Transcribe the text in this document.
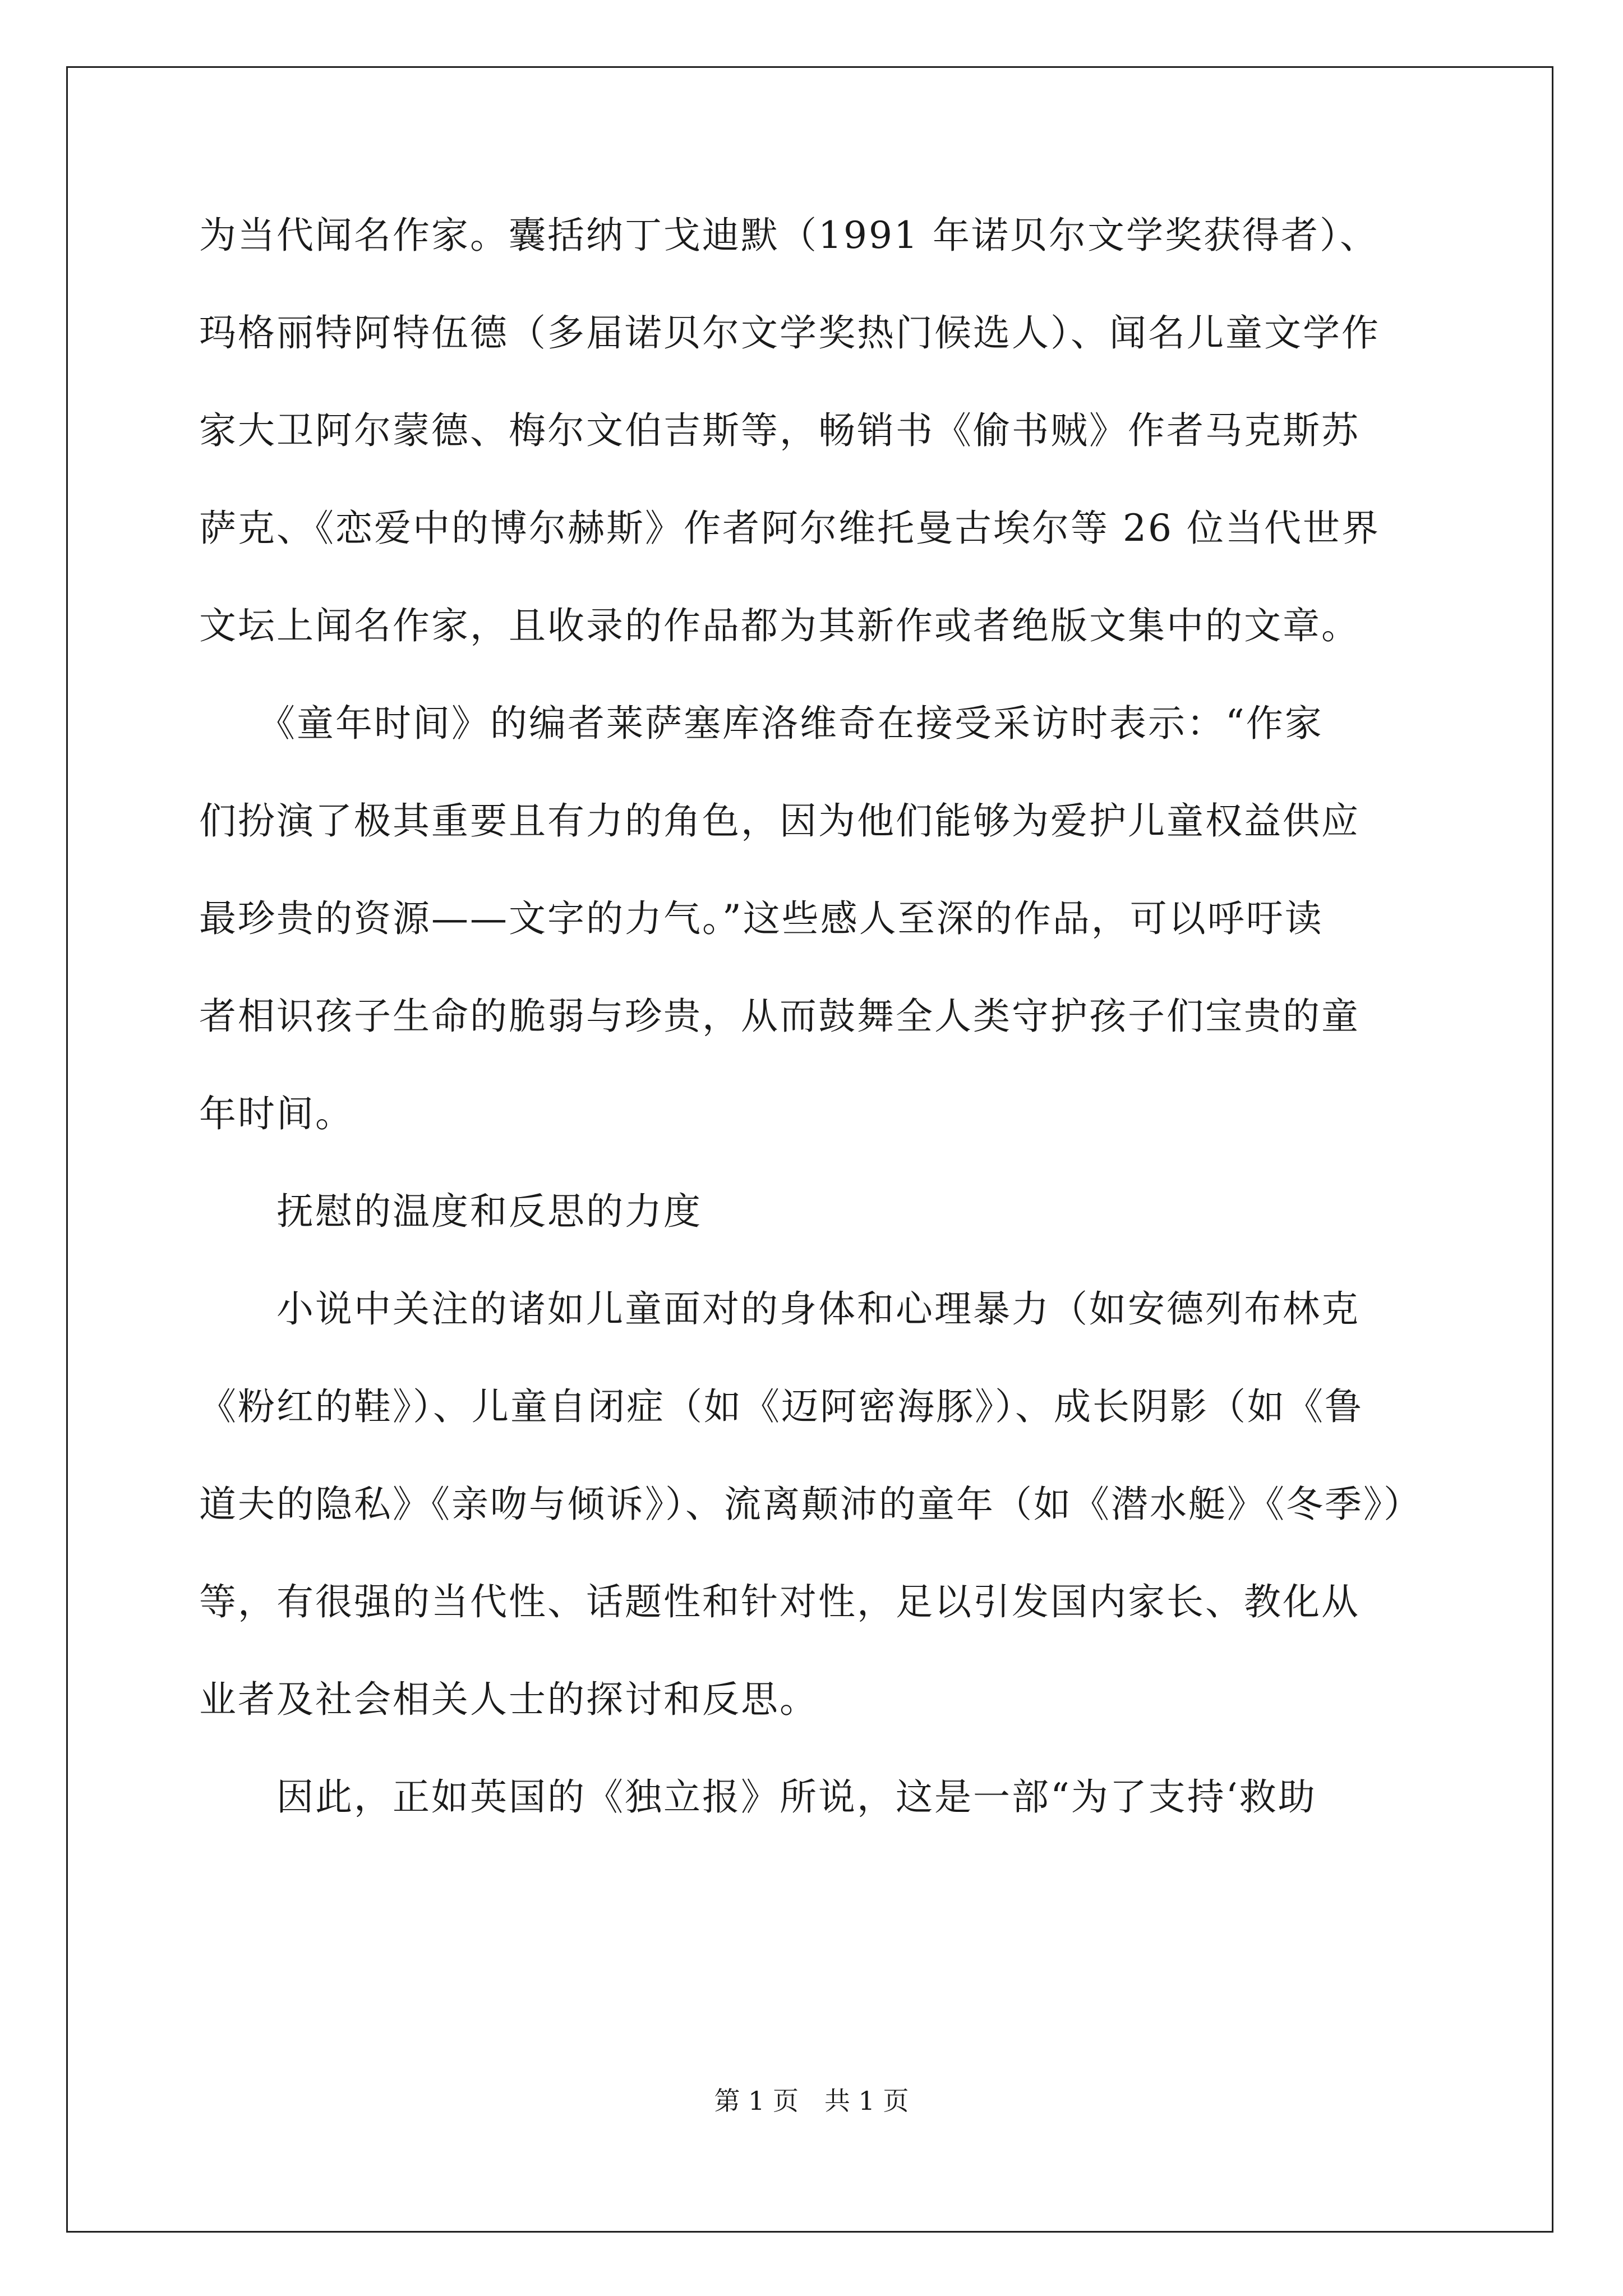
为当代闻名作家。囊括纳丁戈迪默（1991 年诺贝尔文学奖获得者）、
玛格丽特阿特伍德（多届诺贝尔文学奖热门候选人）、闻名儿童文学作
家大卫阿尔蒙德、梅尔文伯吉斯等，畅销书《偷书贼》作者马克斯苏
萨克、《恋爱中的博尔赫斯》作者阿尔维托曼古埃尔等 26 位当代世界
文坛上闻名作家，且收录的作品都为其新作或者绝版文集中的文章。
　　《童年时间》的编者莱萨塞库洛维奇在接受采访时表示：“作家
们扮演了极其重要且有力的角色，因为他们能够为爱护儿童权益供应
最珍贵的资源——文字的力气。”这些感人至深的作品，可以呼吁读
者相识孩子生命的脆弱与珍贵，从而鼓舞全人类守护孩子们宝贵的童
年时间。
　　抚慰的温度和反思的力度
　　小说中关注的诸如儿童面对的身体和心理暴力（如安德列布林克
《粉红的鞋》）、儿童自闭症（如《迈阿密海豚》）、成长阴影（如《鲁
道夫的隐私》《亲吻与倾诉》）、流离颠沛的童年（如《潜水艇》《冬季》）
等，有很强的当代性、话题性和针对性，足以引发国内家长、教化从
业者及社会相关人士的探讨和反思。
　　因此，正如英国的《独立报》所说，这是一部“为了支持‘救助
第 1 页　共 1 页
